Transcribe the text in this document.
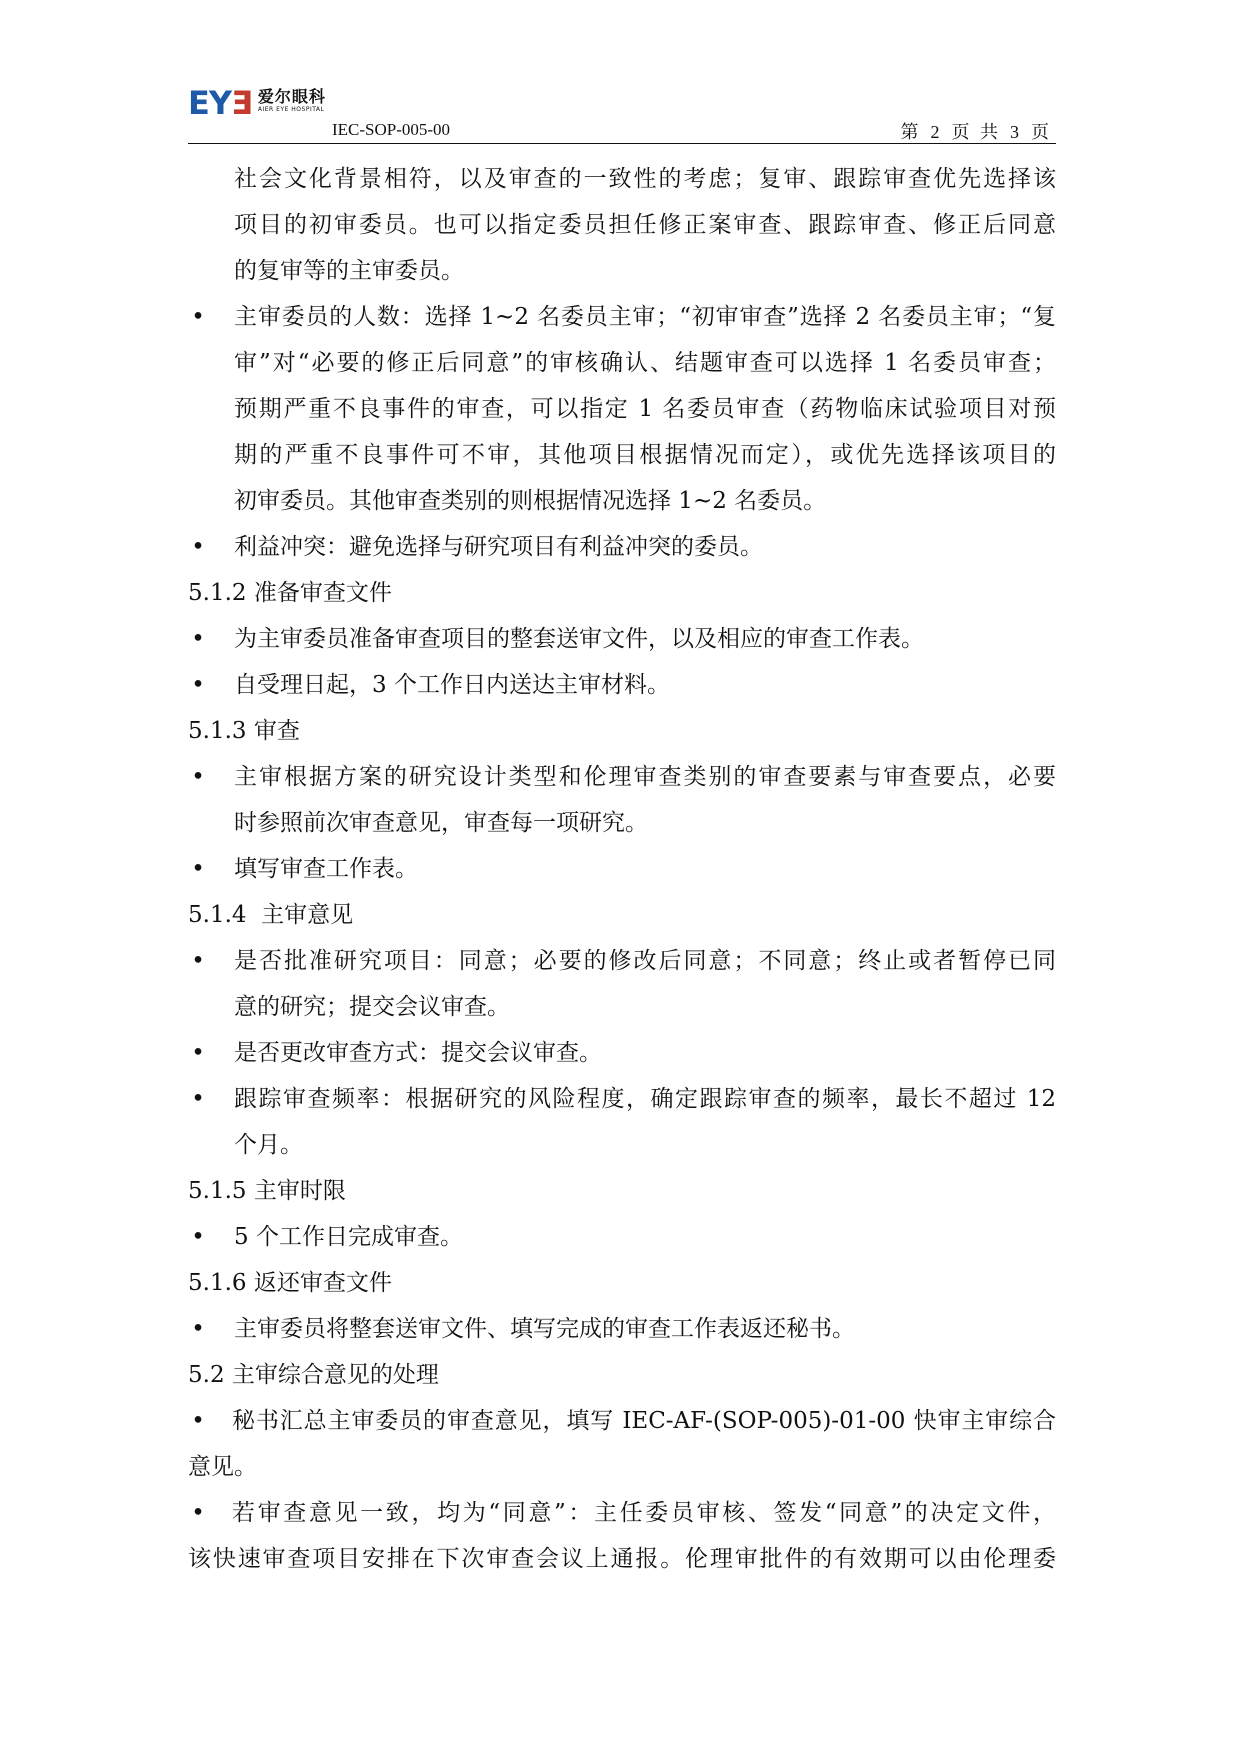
E Y Ǝ 爱尔眼科
AIER EYE HOSPITAL
IEC-SOP-005-00	第 2 页 共 3 页
社会文化背景相符，以及审查的一致性的考虑；复审、跟踪审查优先选择该
项目的初审委员。也可以指定委员担任修正案审查、跟踪审查、修正后同意
的复审等的主审委员。
• 主审委员的人数：选择 1~2 名委员主审；“初审审查”选择 2 名委员主审；“复
审”对“必要的修正后同意”的审核确认、结题审查可以选择 1 名委员审查；
预期严重不良事件的审查，可以指定 1 名委员审查（药物临床试验项目对预
期的严重不良事件可不审，其他项目根据情况而定），或优先选择该项目的
初审委员。其他审查类别的则根据情况选择 1~2 名委员。
• 利益冲突：避免选择与研究项目有利益冲突的委员。
5.1.2 准备审查文件
• 为主审委员准备审查项目的整套送审文件，以及相应的审查工作表。
• 自受理日起，3 个工作日内送达主审材料。
5.1.3 审查
• 主审根据方案的研究设计类型和伦理审查类别的审查要素与审查要点，必要
时参照前次审查意见，审查每一项研究。
• 填写审查工作表。
5.1.4  主审意见
• 是否批准研究项目：同意；必要的修改后同意；不同意；终止或者暂停已同
意的研究；提交会议审查。
• 是否更改审查方式：提交会议审查。
• 跟踪审查频率：根据研究的风险程度，确定跟踪审查的频率，最长不超过 12
个月。
5.1.5 主审时限
• 5 个工作日完成审查。
5.1.6 返还审查文件
• 主审委员将整套送审文件、填写完成的审查工作表返还秘书。
5.2 主审综合意见的处理
• 秘书汇总主审委员的审查意见，填写 IEC-AF-(SOP-005)-01-00 快审主审综合
意见。
• 若审查意见一致，均为“同意”：主任委员审核、签发“同意”的决定文件，
该快速审查项目安排在下次审查会议上通报。伦理审批件的有效期可以由伦理委
